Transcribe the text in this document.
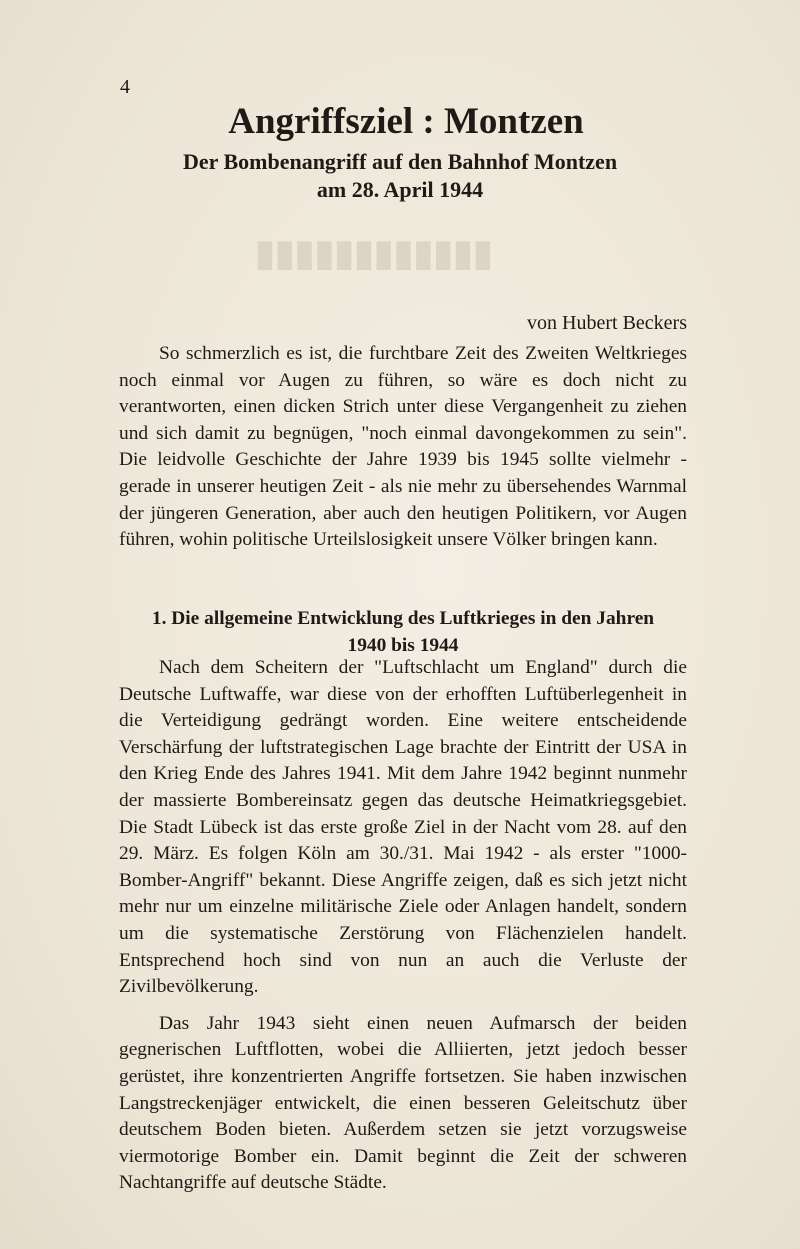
▮▮▮▮▮▮▮▮▮▮▮▮
4
Angriffsziel : Montzen
Der Bombenangriff auf den Bahnhof Montzen
am 28. April 1944
von Hubert Beckers

So schmerzlich es ist, die furchtbare Zeit des Zweiten Weltkrieges noch einmal vor Augen zu führen, so wäre es doch nicht zu verantworten, einen dicken Strich unter diese Vergangenheit zu ziehen und sich damit zu begnügen, "noch einmal davongekommen zu sein". Die leidvolle Geschichte der Jahre 1939 bis 1945 sollte vielmehr - gerade in unserer heutigen Zeit - als nie mehr zu übersehendes Warnmal der jüngeren Generation, aber auch den heutigen Politikern, vor Augen führen, wohin politische Urteilslosigkeit unsere Völker bringen kann.

1. Die allgemeine Entwicklung des Luftkrieges in den Jahren
1940 bis 1944

Nach dem Scheitern der "Luftschlacht um England" durch die Deutsche Luftwaffe, war diese von der erhofften Luftüberlegenheit in die Verteidigung gedrängt worden. Eine weitere entscheidende Verschärfung der luftstrategischen Lage brachte der Eintritt der USA in den Krieg Ende des Jahres 1941. Mit dem Jahre 1942 beginnt nunmehr der massierte Bombereinsatz gegen das deutsche Heimatkriegsgebiet. Die Stadt Lübeck ist das erste große Ziel in der Nacht vom 28. auf den 29. März. Es folgen Köln am 30./31. Mai 1942 - als erster "1000-Bomber-Angriff" bekannt. Diese Angriffe zeigen, daß es sich jetzt nicht mehr nur um einzelne militärische Ziele oder Anlagen handelt, sondern um die systematische Zerstörung von Flächenzielen handelt. Entsprechend hoch sind von nun an auch die Verluste der Zivilbevölkerung.

Das Jahr 1943 sieht einen neuen Aufmarsch der beiden gegnerischen Luftflotten, wobei die Alliierten, jetzt jedoch besser gerüstet, ihre konzentrierten Angriffe fortsetzen. Sie haben inzwischen Langstreckenjäger entwickelt, die einen besseren Geleitschutz über deutschem Boden bieten. Außerdem setzen sie jetzt vorzugsweise viermotorige Bomber ein. Damit beginnt die Zeit der schweren Nachtangriffe auf deutsche Städte.
